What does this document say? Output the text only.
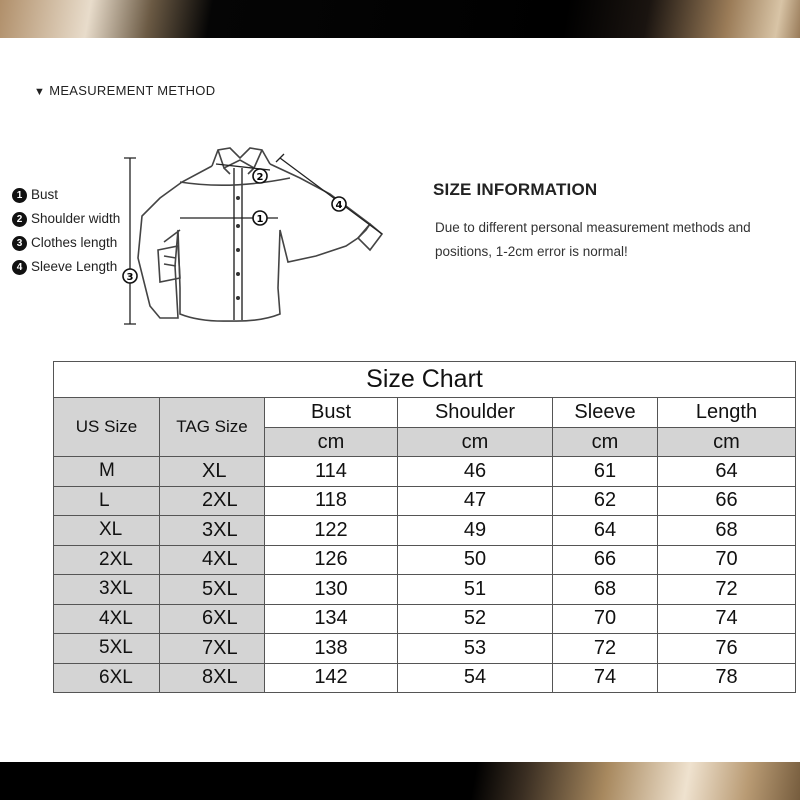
▼ MEASUREMENT METHOD
1 Bust
2 Shoulder width
3 Clothes length
4 Sleeve Length
1
2
3
4
SIZE INFORMATION
Due to different personal measurement methods and
positions, 1-2cm error is normal!
Size Chart					
US Size	TAG Size	Bust	Shoulder	Sleeve	Length
		cm	cm	cm	cm
M	XL	114	46	61	64
L	2XL	118	47	62	66
XL	3XL	122	49	64	68
2XL	4XL	126	50	66	70
3XL	5XL	130	51	68	72
4XL	6XL	134	52	70	74
5XL	7XL	138	53	72	76
6XL	8XL	142	54	74	78
